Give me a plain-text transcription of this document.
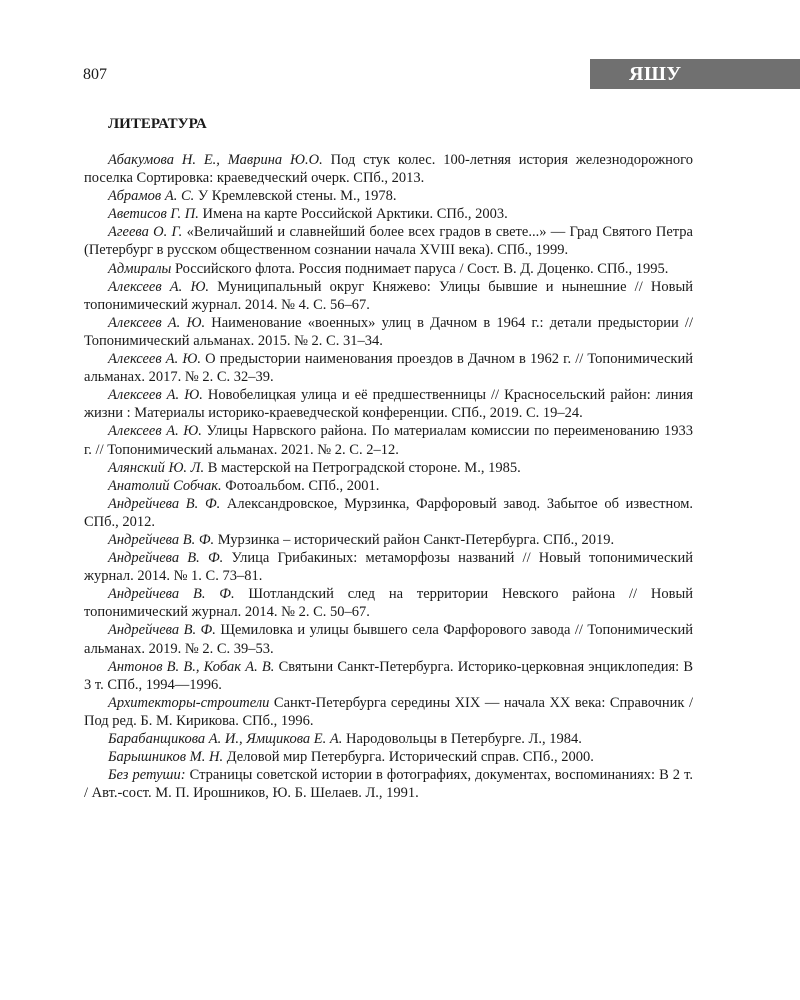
807	ЯШУ
ЛИТЕРАТУРА
Абакумова Н. Е., Маврина Ю.О. Под стук колес. 100-летняя история железнодорожного поселка Сортировка: краеведческий очерк. СПб., 2013.
Абрамов А. С. У Кремлевской стены. М., 1978.
Аветисов Г. П. Имена на карте Российской Арктики. СПб., 2003.
Агеева О. Г. «Величайший и славнейший более всех градов в свете...» — Град Святого Петра (Петербург в русском общественном сознании начала XVIII века). СПб., 1999.
Адмиралы Российского флота. Россия поднимает паруса / Сост. В. Д. Доценко. СПб., 1995.
Алексеев А. Ю. Муниципальный округ Княжево: Улицы бывшие и нынешние // Новый топонимический журнал. 2014. № 4. С. 56–67.
Алексеев А. Ю. Наименование «военных» улиц в Дачном в 1964 г.: детали предыстории // Топонимический альманах. 2015. № 2. С. 31–34.
Алексеев А. Ю. О предыстории наименования проездов в Дачном в 1962 г. // Топонимический альманах. 2017. № 2. С. 32–39.
Алексеев А. Ю. Новобелицкая улица и её предшественницы // Красносельский район: линия жизни : Материалы историко-краеведческой конференции. СПб., 2019. С. 19–24.
Алексеев А. Ю. Улицы Нарвского района. По материалам комиссии по переименованию 1933 г. // Топонимический альманах. 2021. № 2. С. 2–12.
Алянский Ю. Л. В мастерской на Петроградской стороне. М., 1985.
Анатолий Собчак. Фотоальбом. СПб., 2001.
Андрейчева В. Ф. Александровское, Мурзинка, Фарфоровый завод. Забытое об известном. СПб., 2012.
Андрейчева В. Ф. Мурзинка – исторический район Санкт-Петербурга. СПб., 2019.
Андрейчева В. Ф. Улица Грибакиных: метаморфозы названий // Новый топонимический журнал. 2014. № 1. С. 73–81.
Андрейчева В. Ф. Шотландский след на территории Невского района // Новый топонимический журнал. 2014. № 2. С. 50–67.
Андрейчева В. Ф. Щемиловка и улицы бывшего села Фарфорового завода // Топонимический альманах. 2019. № 2. С. 39–53.
Антонов В. В., Кобак А. В. Святыни Санкт-Петербурга. Историко-церковная энциклопедия: В 3 т. СПб., 1994—1996.
Архитекторы-строители Санкт-Петербурга середины XIX — начала XX века: Справочник / Под ред. Б. М. Кирикова. СПб., 1996.
Барабанщикова А. И., Ямщикова Е. А. Народовольцы в Петербурге. Л., 1984.
Барышников М. Н. Деловой мир Петербурга. Исторический справ. СПб., 2000.
Без ретуши: Страницы советской истории в фотографиях, документах, воспоминаниях: В 2 т. / Авт.-сост. М. П. Ирошников, Ю. Б. Шелаев. Л., 1991.
